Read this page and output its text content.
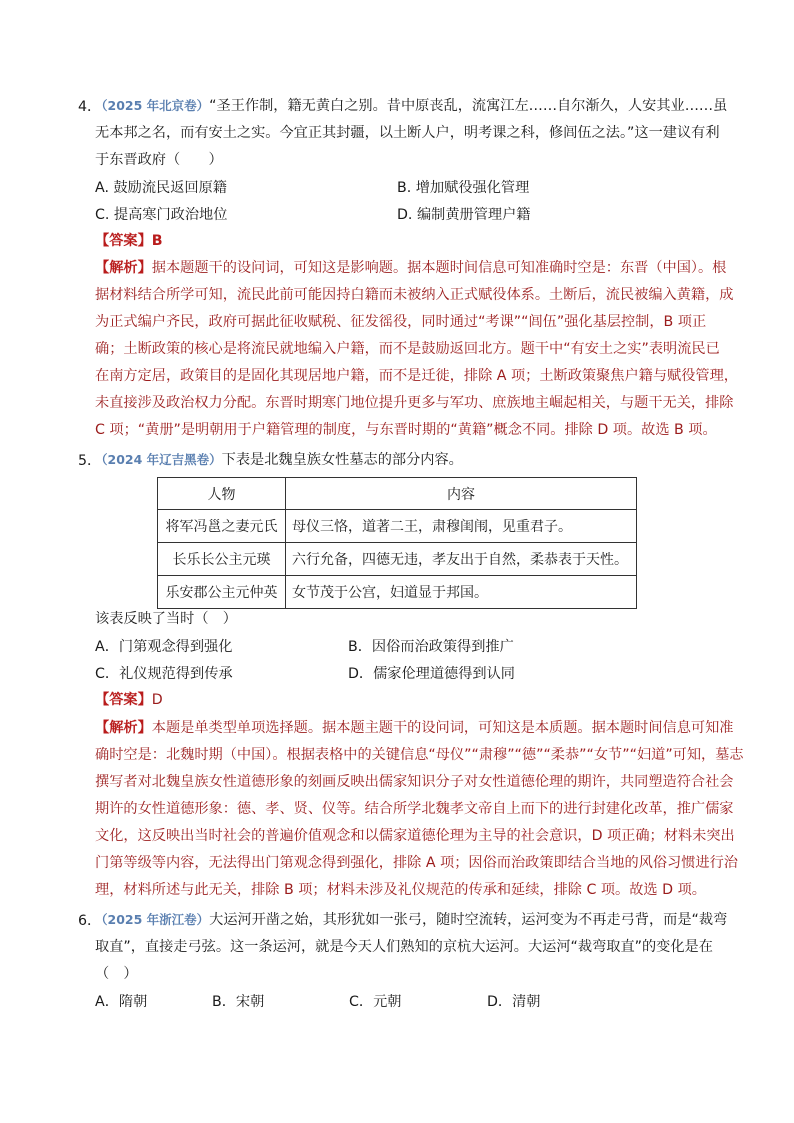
4．
（2025 年北京卷）“圣王作制，籍无黄白之别。昔中原丧乱，流寓江左……自尔渐久，人安其业……虽
无本邦之名，而有安土之实。今宜正其封疆，以土断人户，明考课之科，修闾伍之法。”这一建议有利
于东晋政府（　　）
A. 鼓励流民返回原籍	B. 增加赋役强化管理
C. 提高寒门政治地位	D. 编制黄册管理户籍
【答案】B
【解析】据本题题干的设问词，可知这是影响题。据本题时间信息可知准确时空是：东晋（中国）。根
据材料结合所学可知，流民此前可能因持白籍而未被纳入正式赋役体系。土断后，流民被编入黄籍，成
为正式编户齐民，政府可据此征收赋税、征发徭役，同时通过“考课”“闾伍”强化基层控制，B 项正
确；土断政策的核心是将流民就地编入户籍，而不是鼓励返回北方。题干中“有安土之实”表明流民已
在南方定居，政策目的是固化其现居地户籍，而不是迁徙，排除 A 项；土断政策聚焦户籍与赋役管理，
未直接涉及政治权力分配。东晋时期寒门地位提升更多与军功、庶族地主崛起相关，与题干无关，排除
C 项；“黄册”是明朝用于户籍管理的制度，与东晋时期的“黄籍”概念不同。排除 D 项。故选 B 项。
5．
（2024 年辽吉黑卷）下表是北魏皇族女性墓志的部分内容。
人物	内容
将军冯邕之妻元氏	母仪三恪，道著二王，肃穆闺闱，见重君子。
长乐长公主元瑛	六行允备，四德无违，孝友出于自然，柔恭表于天性。
乐安郡公主元仲英	女节茂于公宫，妇道显于邦国。
该表反映了当时（　）
A．门第观念得到强化	B．因俗而治政策得到推广
C．礼仪规范得到传承	D．儒家伦理道德得到认同
【答案】D
【解析】本题是单类型单项选择题。据本题主题干的设问词，可知这是本质题。据本题时间信息可知准
确时空是：北魏时期（中国）。根据表格中的关键信息“母仪”“肃穆”“德”“柔恭”“女节”“妇道”可知，墓志
撰写者对北魏皇族女性道德形象的刻画反映出儒家知识分子对女性道德伦理的期许，共同塑造符合社会
期许的女性道德形象：德、孝、贤、仪等。结合所学北魏孝文帝自上而下的进行封建化改革，推广儒家
文化，这反映出当时社会的普遍价值观念和以儒家道德伦理为主导的社会意识，D 项正确；材料未突出
门第等级等内容，无法得出门第观念得到强化，排除 A 项；因俗而治政策即结合当地的风俗习惯进行治
理，材料所述与此无关，排除 B 项；材料未涉及礼仪规范的传承和延续，排除 C 项。故选 D 项。
6．
（2025 年浙江卷）大运河开凿之始，其形犹如一张弓，随时空流转，运河变为不再走弓背，而是“裁弯
取直”，直接走弓弦。这一条运河，就是今天人们熟知的京杭大运河。大运河“裁弯取直”的变化是在
（　）
A．隋朝	B．宋朝	C．元朝	D．清朝
